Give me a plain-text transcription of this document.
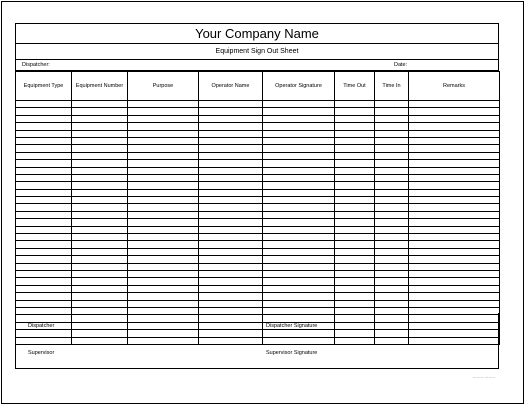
Your Company Name
Equipment Sign Out Sheet
Dispatcher:	Date:
Equipment Type	Equipment Number	Purpose	Operator Name	Operator Signature	Time Out	Time In	Remarks

Dispatcher	Dispatcher Signature
Supervisor	Supervisor Signature
········ ········
